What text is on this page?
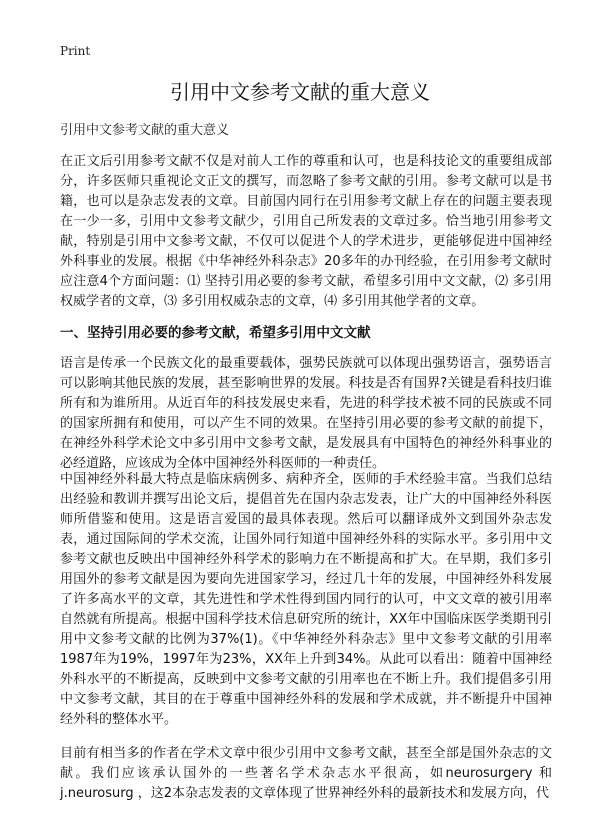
Print
引用中文参考文献的重大意义
引用中文参考文献的重大意义

在正文后引用参考文献不仅是对前人工作的尊重和认可，也是科技论文的重要组成部分，许多医师只重视论文正文的撰写，而忽略了参考文献的引用。参考文献可以是书籍，也可以是杂志发表的文章。目前国内同行在引用参考文献上存在的问题主要表现在一少一多，引用中文参考文献少，引用自己所发表的文章过多。恰当地引用参考文献，特别是引用中文参考文献，不仅可以促进个人的学术进步，更能够促进中国神经外科事业的发展。根据《中华神经外科杂志》20多年的办刊经验，在引用参考文献时应注意4个方面问题：⑴ 坚持引用必要的参考文献，希望多引用中文文献，⑵ 多引用权威学者的文章，⑶ 多引用权威杂志的文章，⑷ 多引用其他学者的文章。

一、坚持引用必要的参考文献，希望多引用中文文献

语言是传承一个民族文化的最重要载体，强势民族就可以体现出强势语言，强势语言可以影响其他民族的发展，甚至影响世界的发展。科技是否有国界?关键是看科技归谁所有和为谁所用。从近百年的科技发展史来看，先进的科学技术被不同的民族或不同的国家所拥有和使用，可以产生不同的效果。在坚持引用必要的参考文献的前提下，在神经外科学术论文中多引用中文参考文献，是发展具有中国特色的神经外科事业的必经道路，应该成为全体中国神经外科医师的一种责任。

中国神经外科最大特点是临床病例多、病种齐全，医师的手术经验丰富。当我们总结出经验和教训并撰写出论文后，提倡首先在国内杂志发表，让广大的中国神经外科医师所借鉴和使用。这是语言爱国的最具体表现。然后可以翻译成外文到国外杂志发表，通过国际间的学术交流，让国外同行知道中国神经外科的实际水平。多引用中文参考文献也反映出中国神经外科学术的影响力在不断提高和扩大。在早期，我们多引用国外的参考文献是因为要向先进国家学习，经过几十年的发展，中国神经外科发展了许多高水平的文章，其先进性和学术性得到国内同行的认可，中文文章的被引用率自然就有所提高。根据中国科学技术信息研究所的统计，XX年中国临床医学类期刊引用中文参考文献的比例为37%(1)。《中华神经外科杂志》里中文参考文献的引用率1987年为19%，1997年为23%，XX年上升到34%。从此可以看出：随着中国神经外科水平的不断提高，反映到中文参考文献的引用率也在不断上升。我们提倡多引用中文参考文献，其目的在于尊重中国神经外科的发展和学术成就，并不断提升中国神经外科的整体水平。

目前有相当多的作者在学术文章中很少引用中文参考文献，甚至全部是国外杂志的文献。我们应该承认国外的一些著名学术杂志水平很高，如neurosurgery 和j.neurosurg ，这2本杂志发表的文章体现了世界神经外科的最新技术和发展方向，代
